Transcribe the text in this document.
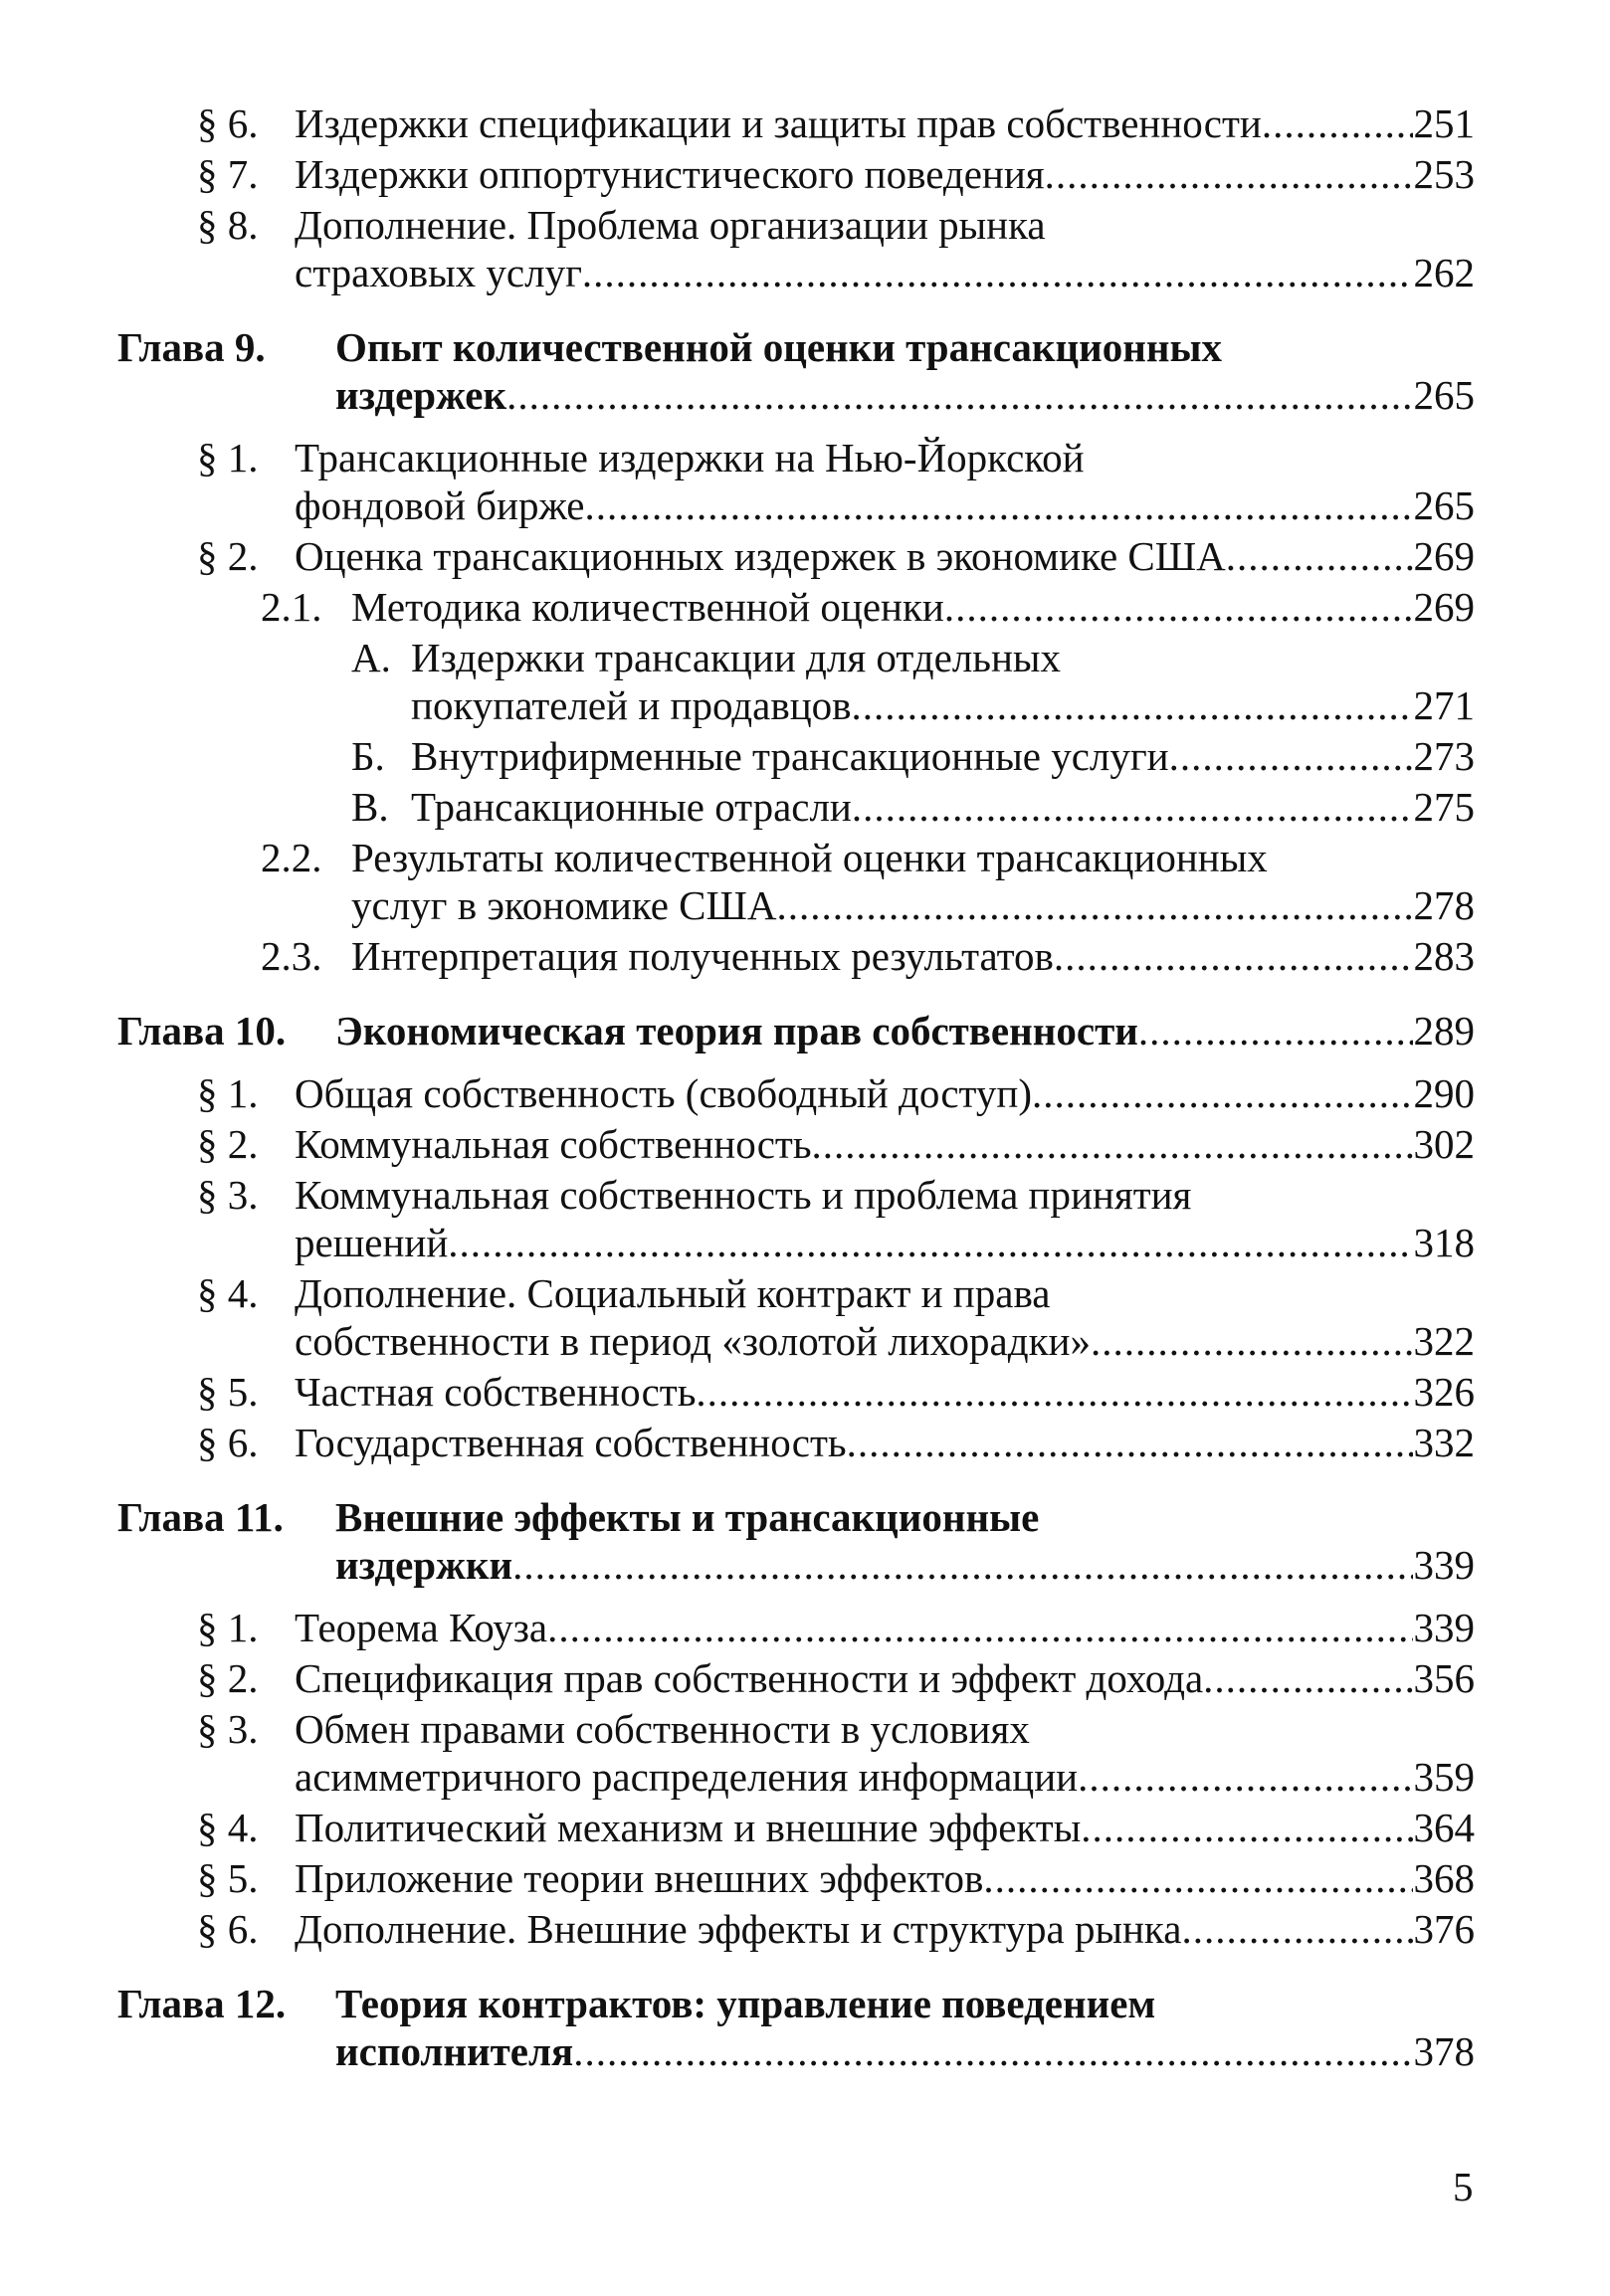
§ 6. Издержки спецификации и защиты прав собственности .....	251
§ 7. Издержки оппортунистического поведения .....	253
§ 8. Дополнение. Проблема организации рынка
страховых услуг .....	262
Глава 9. Опыт количественной оценки трансакционных
издержек .....	265
§ 1. Трансакционные издержки на Нью-Йоркской
фондовой бирже .....	265
§ 2. Оценка трансакционных издержек в экономике США .....	269
2.1. Методика количественной оценки .....	269
А. Издержки трансакции для отдельных
покупателей и продавцов .....	271
Б. Внутрифирменные трансакционные услуги .....	273
В. Трансакционные отрасли .....	275
2.2. Результаты количественной оценки трансакционных
услуг в экономике США .....	278
2.3. Интерпретация полученных результатов .....	283
Глава 10. Экономическая теория прав собственности .....	289
§ 1. Общая собственность (свободный доступ) .....	290
§ 2. Коммунальная собственность .....	302
§ 3. Коммунальная собственность и проблема принятия
решений .....	318
§ 4. Дополнение. Социальный контракт и права
собственности в период «золотой лихорадки» .....	322
§ 5. Частная собственность .....	326
§ 6. Государственная собственность .....	332
Глава 11. Внешние эффекты и трансакционные
издержки .....	339
§ 1. Теорема Коуза .....	339
§ 2. Спецификация прав собственности и эффект дохода .....	356
§ 3. Обмен правами собственности в условиях
асимметричного распределения информации .....	359
§ 4. Политический механизм и внешние эффекты .....	364
§ 5. Приложение теории внешних эффектов .....	368
§ 6. Дополнение. Внешние эффекты и структура рынка .....	376
Глава 12. Теория контрактов: управление поведением
исполнителя .....	378
5
